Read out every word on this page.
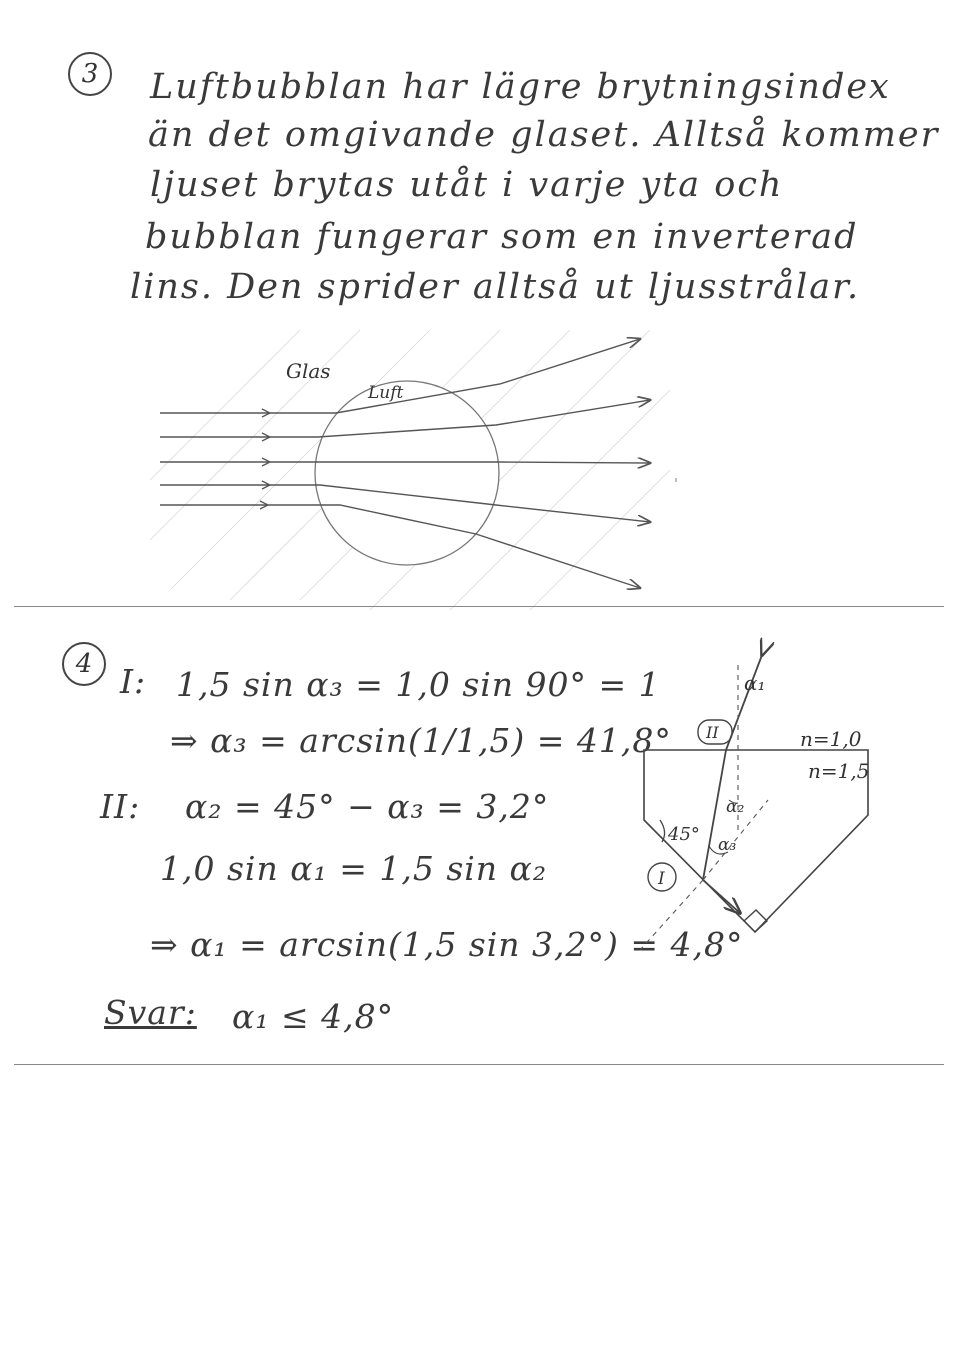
3	Luftbubblan har lägre brytningsindex
än det omgivande glaset. Alltså kommer
ljuset brytas utåt i varje yta och
bubblan fungerar som en inverterad
lins. Den sprider alltså ut ljusstrålar.
Glas
Luft
4 I: 1,5 sin α₃ = 1,0 sin 90° = 1
⇒ α₃ = arcsin(1/1,5) = 41,8°
II: α₂ = 45° − α₃ = 3,2°
1,0 sin α₁ = 1,5 sin α₂
⇒ α₁ = arcsin(1,5 sin 3,2°) = 4,8°
Svar: α₁ ≤ 4,8°
α₁
α₂
α₃
45°
n=1,0
n=1,5
II
I
